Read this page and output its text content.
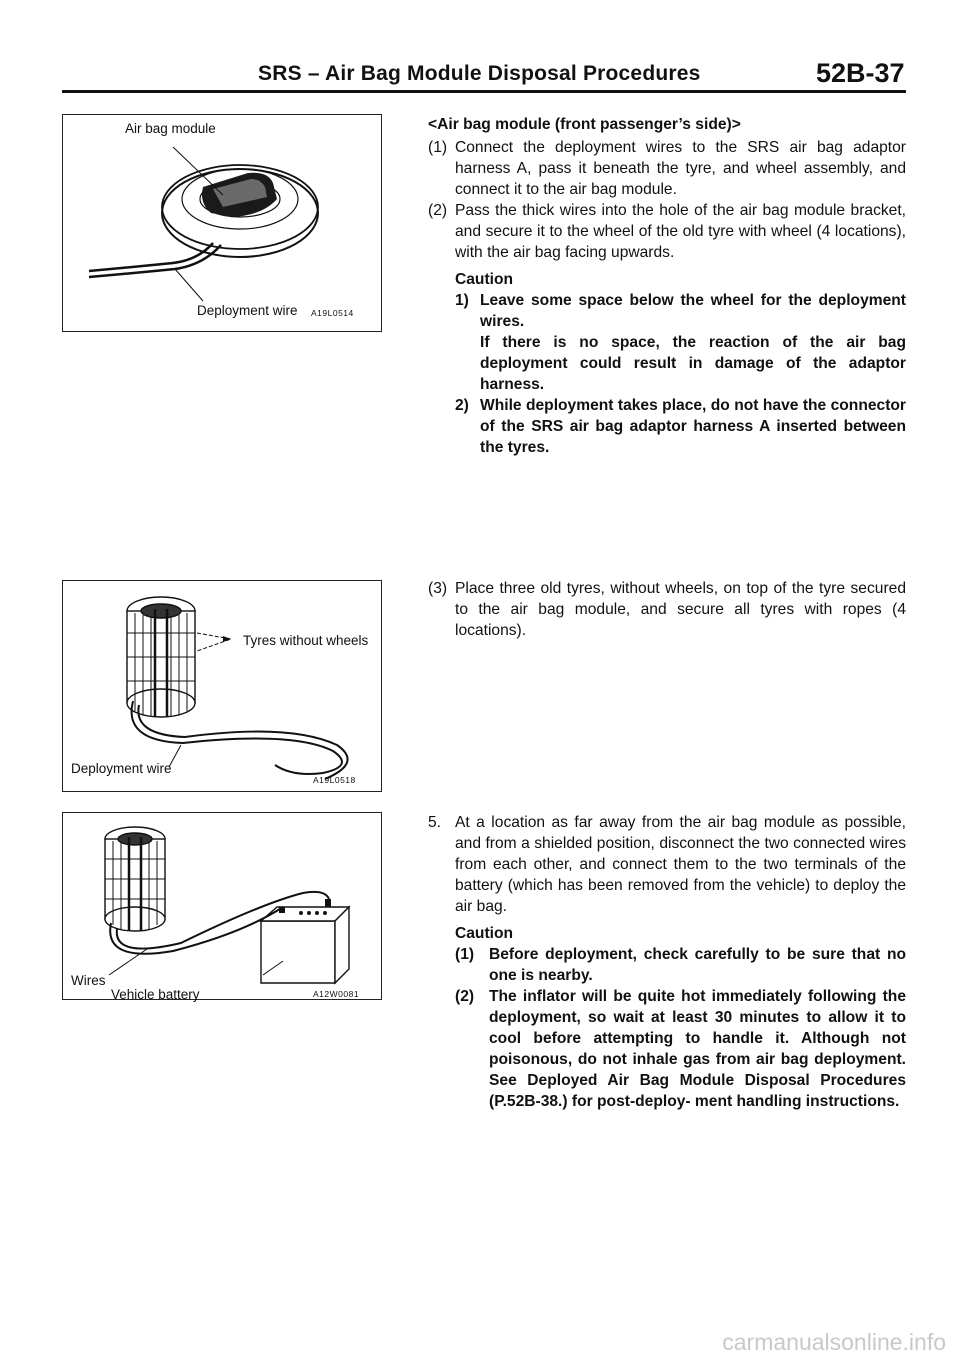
SRS – Air Bag Module Disposal Procedures	52B-37
Air bag module
Deployment wire A19L0514
Tyres without wheels
Deployment wire
A19L0518
Wires
Vehicle battery	A12W0081
<Air bag module (front passenger’s side)>
(1) Connect the deployment wires to the SRS air bag adaptor harness A, pass it beneath the tyre, and wheel assembly, and connect it to the air bag module.
(2) Pass the thick wires into the hole of the air bag module bracket, and secure it to the wheel of the old tyre with wheel (4 locations), with the air bag facing upwards.
Caution
1) Leave some space below the wheel for the deployment wires.
If there is no space, the reaction of the air bag deployment could result in damage of the adaptor harness.
2) While deployment takes place, do not have the connector of the SRS air bag adaptor harness A inserted between the tyres.
(3) Place three old tyres, without wheels, on top of the tyre secured to the air bag module, and secure all tyres with ropes (4 locations).
5. At a location as far away from the air bag module as possible, and from a shielded position, disconnect the two connected wires from each other, and connect them to the two terminals of the battery (which has been removed from the vehicle) to deploy the air bag.
Caution
(1) Before deployment, check carefully to be sure that no one is nearby.
(2) The inflator will be quite hot immediately following the deployment, so wait at least 30 minutes to allow it to cool before attempting to handle it. Although not poisonous, do not inhale gas from air bag deployment. See Deployed Air Bag Module Disposal Procedures (P.52B-38.) for post-deploy- ment handling instructions.
carmanualsonline.info
